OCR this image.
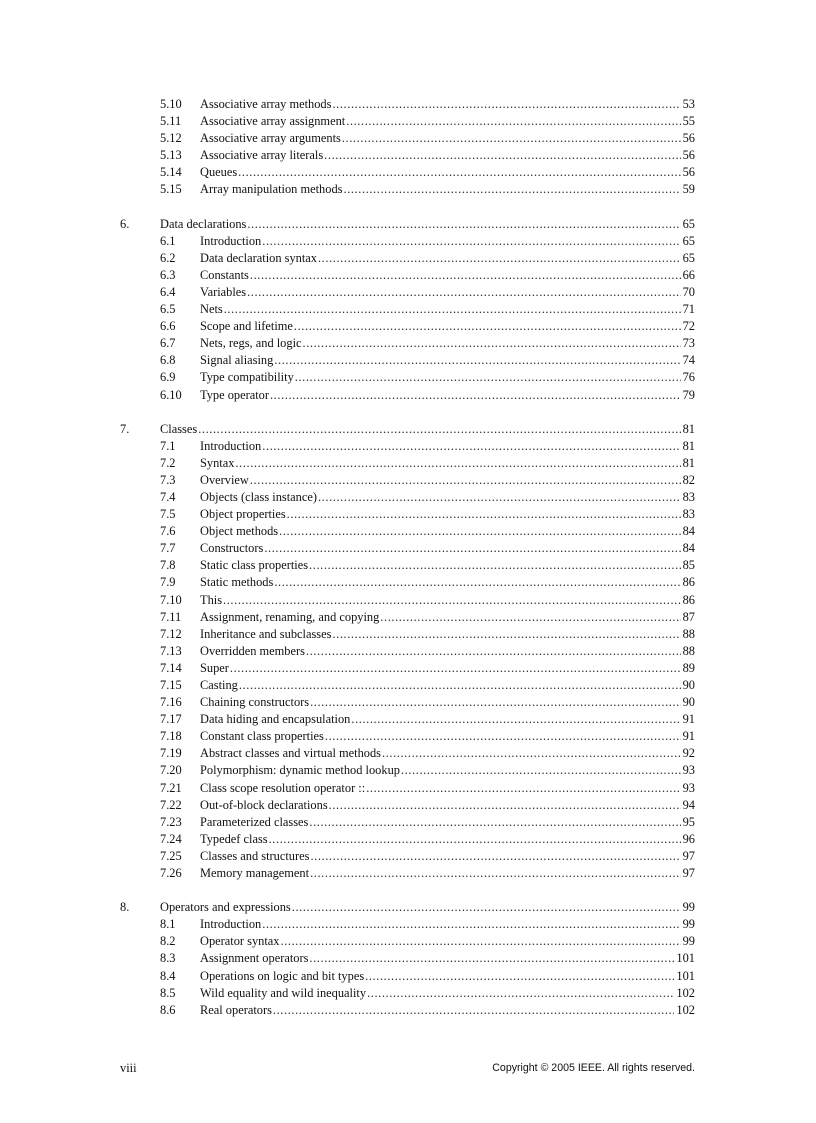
5.10 Associative array methods .....	53
5.11 Associative array assignment .....	55
5.12 Associative array arguments .....	56
5.13 Associative array literals .....	56
5.14 Queues .....	56
5.15 Array manipulation methods .....	59
6. Data declarations .....	65
6.1 Introduction .....	65
6.2 Data declaration syntax .....	65
6.3 Constants .....	66
6.4 Variables .....	70
6.5 Nets .....	71
6.6 Scope and lifetime .....	72
6.7 Nets, regs, and logic .....	73
6.8 Signal aliasing .....	74
6.9 Type compatibility .....	76
6.10 Type operator .....	79
7. Classes .....	81
7.1 Introduction .....	81
7.2 Syntax .....	81
7.3 Overview .....	82
7.4 Objects (class instance) .....	83
7.5 Object properties .....	83
7.6 Object methods .....	84
7.7 Constructors .....	84
7.8 Static class properties .....	85
7.9 Static methods .....	86
7.10 This .....	86
7.11 Assignment, renaming, and copying .....	87
7.12 Inheritance and subclasses .....	88
7.13 Overridden members .....	88
7.14 Super .....	89
7.15 Casting .....	90
7.16 Chaining constructors .....	90
7.17 Data hiding and encapsulation .....	91
7.18 Constant class properties .....	91
7.19 Abstract classes and virtual methods .....	92
7.20 Polymorphism: dynamic method lookup .....	93
7.21 Class scope resolution operator :: .....	93
7.22 Out-of-block declarations .....	94
7.23 Parameterized classes .....	95
7.24 Typedef class .....	96
7.25 Classes and structures .....	97
7.26 Memory management .....	97
8. Operators and expressions .....	99
8.1 Introduction .....	99
8.2 Operator syntax .....	99
8.3 Assignment operators .....	101
8.4 Operations on logic and bit types .....	101
8.5 Wild equality and wild inequality .....	102
8.6 Real operators .....	102
viii	Copyright © 2005 IEEE. All rights reserved.
